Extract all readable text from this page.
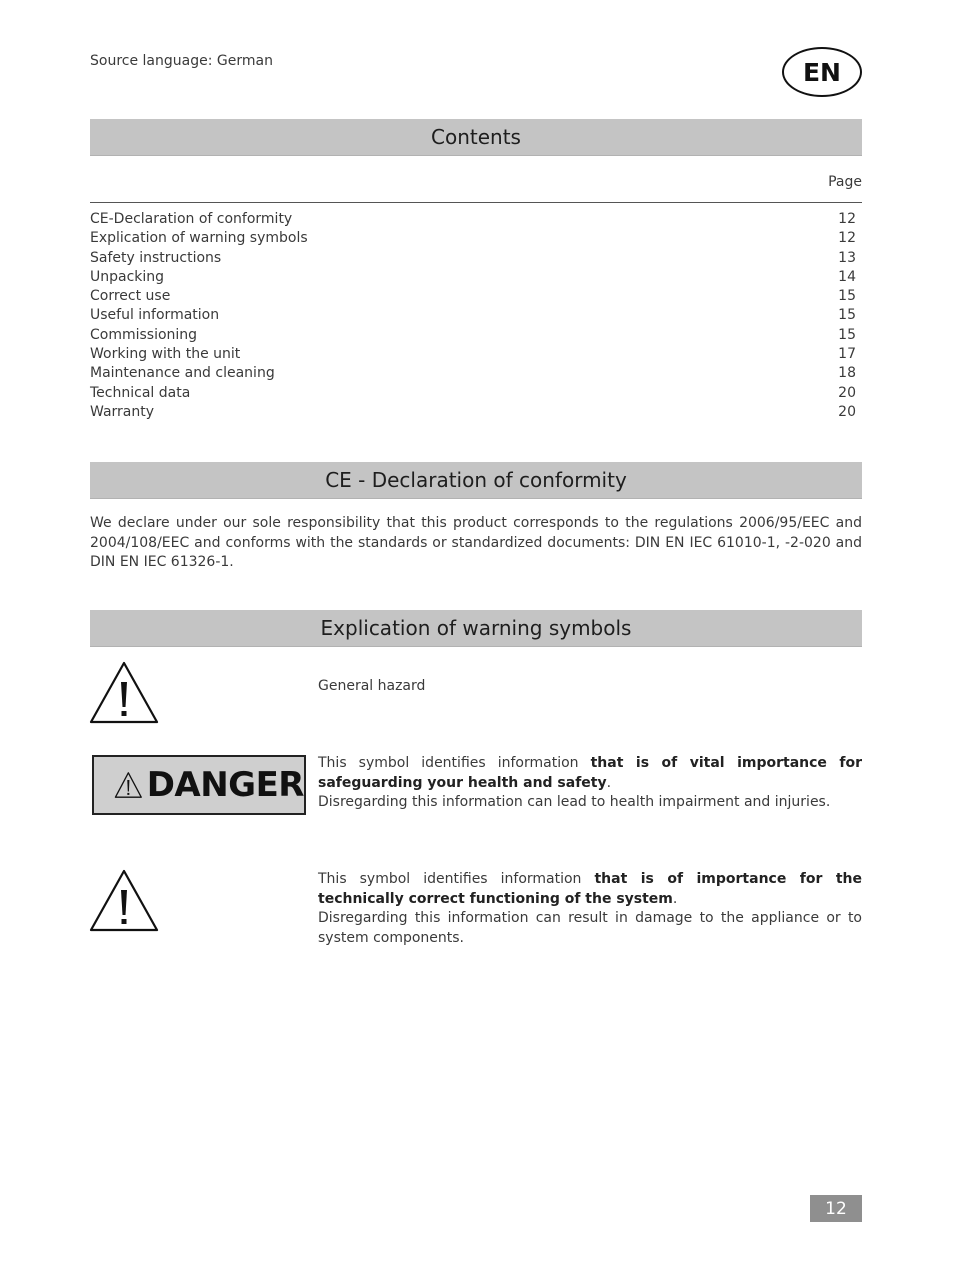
Source language: German	EN
Contents
Page
CE-Declaration of conformity	12
Explication of warning symbols	12
Safety instructions	13
Unpacking	14
Correct use	15
Useful information	15
Commissioning	15
Working with the unit	17
Maintenance and cleaning	18
Technical data	20
Warranty	20
CE - Declaration of conformity
We declare under our sole responsibility that this product corresponds to the regulations 2006/95/EEC and 2004/108/EEC and conforms with the standards or standardized documents: DIN EN IEC 61010-1, -2-020 and DIN EN IEC 61326-1.
Explication of warning symbols
General hazard
DANGER
This symbol identifies information that is of vital importance for safeguarding your health and safety.
Disregarding this information can lead to health impairment and injuries.
This symbol identifies information that is of importance for the technically correct functioning of the system.
Disregarding this information can result in damage to the appliance or to system components.
12
